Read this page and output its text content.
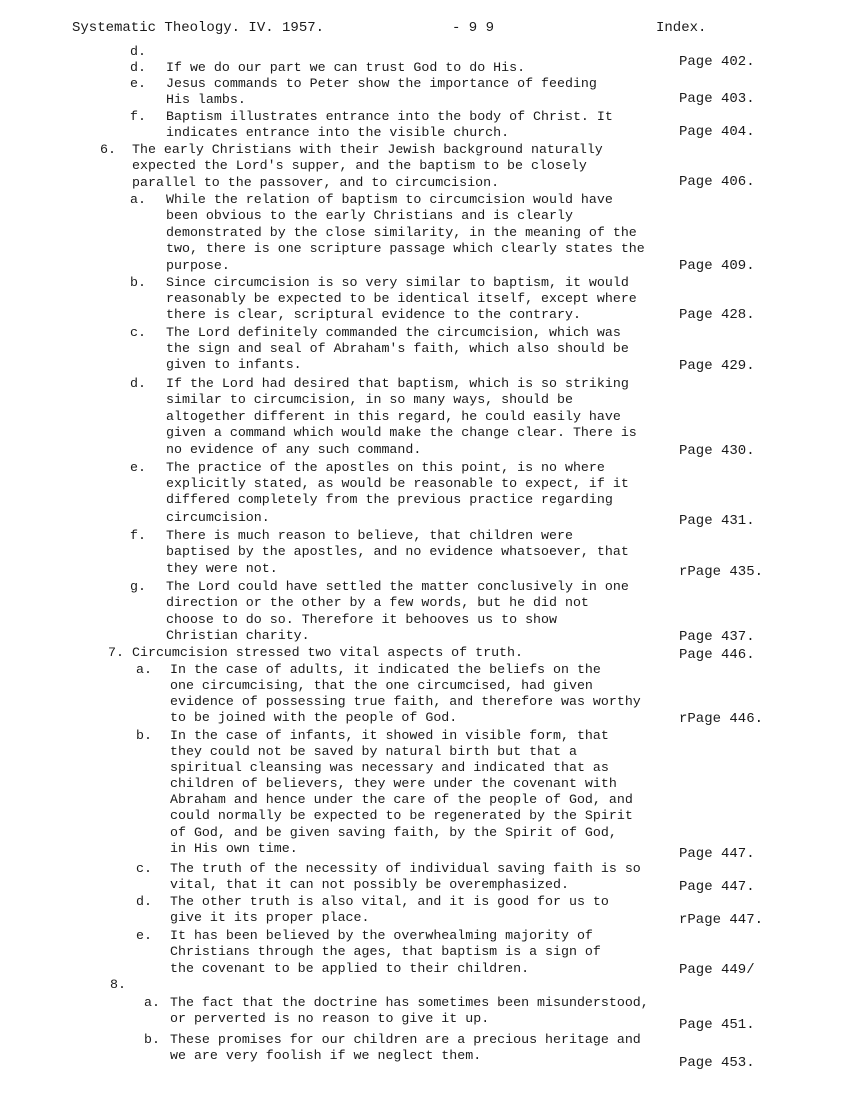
Systematic Theology. IV. 1957.	- 9 9	Index.
d.
d. If we do our part we can trust God to do His.	Page 402.
e. Jesus commands to Peter show the importance of feeding
His lambs.	Page 403.
f. Baptism illustrates entrance into the body of Christ. It
indicates entrance into the visible church.	Page 404.
6. The early Christians with their Jewish background naturally
expected the Lord's supper, and the baptism to be closely
parallel to the passover, and to circumcision.	Page 406.
a. While the relation of baptism to circumcision would have
been obvious to the early Christians and is clearly
demonstrated by the close similarity, in the meaning of the
two, there is one scripture passage which clearly states the
purpose.	Page 409.
b. Since circumcision is so very similar to baptism, it would
reasonably be expected to be identical itself, except where
there is clear, scriptural evidence to the contrary.	Page 428.
c. The Lord definitely commanded the circumcision, which was
the sign and seal of Abraham's faith, which also should be
given to infants.	Page 429.
d. If the Lord had desired that baptism, which is so striking
similar to circumcision, in so many ways, should be
altogether different in this regard, he could easily have
given a command which would make the change clear. There is
no evidence of any such command.	Page 430.
e. The practice of the apostles on this point, is no where
explicitly stated, as would be reasonable to expect, if it
differed completely from the previous practice regarding
circumcision.	Page 431.
f. There is much reason to believe, that children were
baptised by the apostles, and no evidence whatsoever, that
they were not.	rPage 435.
g. The Lord could have settled the matter conclusively in one
direction or the other by a few words, but he did not
choose to do so. Therefore it behooves us to show
Christian charity.	Page 437.
7. Circumcision stressed two vital aspects of truth.	Page 446.
a. In the case of adults, it indicated the beliefs on the
one circumcising, that the one circumcised, had given
evidence of possessing true faith, and therefore was worthy
to be joined with the people of God.	rPage 446.
b. In the case of infants, it showed in visible form, that
they could not be saved by natural birth but that a
spiritual cleansing was necessary and indicated that as
children of believers, they were under the covenant with
Abraham and hence under the care of the people of God, and
could normally be expected to be regenerated by the Spirit
of God, and be given saving faith, by the Spirit of God,
in His own time.	Page 447.
c. The truth of the necessity of individual saving faith is so
vital, that it can not possibly be overemphasized.	Page 447.
d. The other truth is also vital, and it is good for us to
give it its proper place.	rPage 447.
e. It has been believed by the overwhealming majority of
Christians through the ages, that baptism is a sign of
the covenant to be applied to their children.	Page 449/
8.
a. The fact that the doctrine has sometimes been misunderstood,
or perverted is no reason to give it up.	Page 451.
b. These promises for our children are a precious heritage and
we are very foolish if we neglect them.	Page 453.
